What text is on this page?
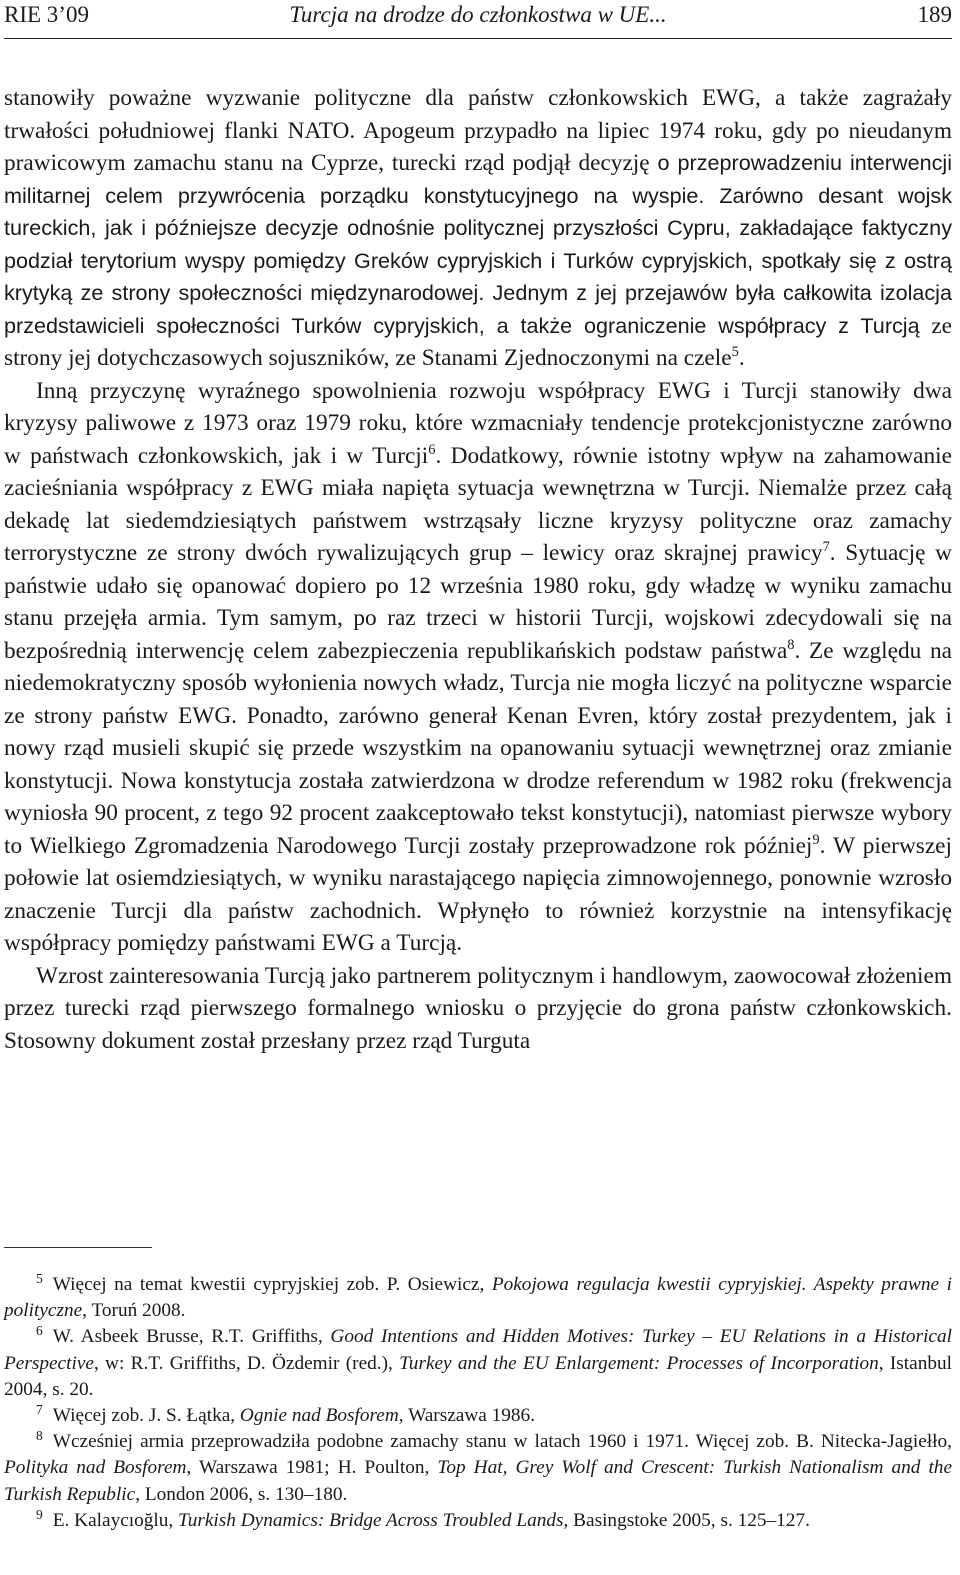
RIE 3’09	Turcja na drodze do członkostwa w UE...	189

stanowiły poważne wyzwanie polityczne dla państw członkowskich EWG, a także zagrażały trwałości południowej flanki NATO. Apogeum przypadło na lipiec 1974 roku, gdy po nieudanym prawicowym zamachu stanu na Cyprze, turecki rząd podjął decyzję o przeprowadzeniu interwencji militarnej celem przywrócenia porządku konstytucyjnego na wyspie. Zarówno desant wojsk tureckich, jak i późniejsze decyzje odnośnie politycznej przyszłości Cypru, zakładające faktyczny podział terytorium wyspy pomiędzy Greków cypryjskich i Turków cypryjskich, spotkały się z ostrą krytyką ze strony społeczności międzynarodowej. Jednym z jej przejawów była całkowita izolacja przedstawicieli społeczności Turków cypryjskich, a także ograniczenie współpracy z Turcją ze strony jej dotychczasowych sojuszników, ze Stanami Zjednoczonymi na czele$^5$.

Inną przyczynę wyraźnego spowolnienia rozwoju współpracy EWG i Turcji stanowiły dwa kryzysy paliwowe z 1973 oraz 1979 roku, które wzmacniały tendencje protekcjonistyczne zarówno w państwach członkowskich, jak i w Turcji$^6$. Dodatkowy, równie istotny wpływ na zahamowanie zacieśniania współpracy z EWG miała napięta sytuacja wewnętrzna w Turcji. Niemalże przez całą dekadę lat siedemdziesiątych państwem wstrząsały liczne kryzysy polityczne oraz zamachy terrorystyczne ze strony dwóch rywalizujących grup – lewicy oraz skrajnej prawicy$^7$. Sytuację w państwie udało się opanować dopiero po 12 września 1980 roku, gdy władzę w wyniku zamachu stanu przejęła armia. Tym samym, po raz trzeci w historii Turcji, wojskowi zdecydowali się na bezpośrednią interwencję celem zabezpieczenia republikańskich podstaw państwa$^8$. Ze względu na niedemokratyczny sposób wyłonienia nowych władz, Turcja nie mogła liczyć na polityczne wsparcie ze strony państw EWG. Ponadto, zarówno generał Kenan Evren, który został prezydentem, jak i nowy rząd musieli skupić się przede wszystkim na opanowaniu sytuacji wewnętrznej oraz zmianie konstytucji. Nowa konstytucja została zatwierdzona w drodze referendum w 1982 roku (frekwencja wyniosła 90 procent, z tego 92 procent zaakceptowało tekst konstytucji), natomiast pierwsze wybory to Wielkiego Zgromadzenia Narodowego Turcji zostały przeprowadzone rok później$^9$. W pierwszej połowie lat osiemdziesiątych, w wyniku narastającego napięcia zimnowojennego, ponownie wzrosło znaczenie Turcji dla państw zachodnich. Wpłynęło to również korzystnie na intensyfikację współpracy pomiędzy państwami EWG a Turcją.

Wzrost zainteresowania Turcją jako partnerem politycznym i handlowym, zaowocował złożeniem przez turecki rząd pierwszego formalnego wniosku o przyjęcie do grona państw członkowskich. Stosowny dokument został przesłany przez rząd Turguta

$^5$ Więcej na temat kwestii cypryjskiej zob. P. Osiewicz, Pokojowa regulacja kwestii cypryjskiej. Aspekty prawne i polityczne, Toruń 2008.

$^6$ W. Asbeek Brusse, R.T. Griffiths, Good Intentions and Hidden Motives: Turkey – EU Relations in a Historical Perspective, w: R.T. Griffiths, D. Özdemir (red.), Turkey and the EU Enlargement: Processes of Incorporation, Istanbul 2004, s. 20.

$^7$ Więcej zob. J. S. Łątka, Ognie nad Bosforem, Warszawa 1986.

$^8$ Wcześniej armia przeprowadziła podobne zamachy stanu w latach 1960 i 1971. Więcej zob. B. Nitecka-Jagiełło, Polityka nad Bosforem, Warszawa 1981; H. Poulton, Top Hat, Grey Wolf and Crescent: Turkish Nationalism and the Turkish Republic, London 2006, s. 130–180.

$^9$ E. Kalaycıoğlu, Turkish Dynamics: Bridge Across Troubled Lands, Basingstoke 2005, s. 125–127.
